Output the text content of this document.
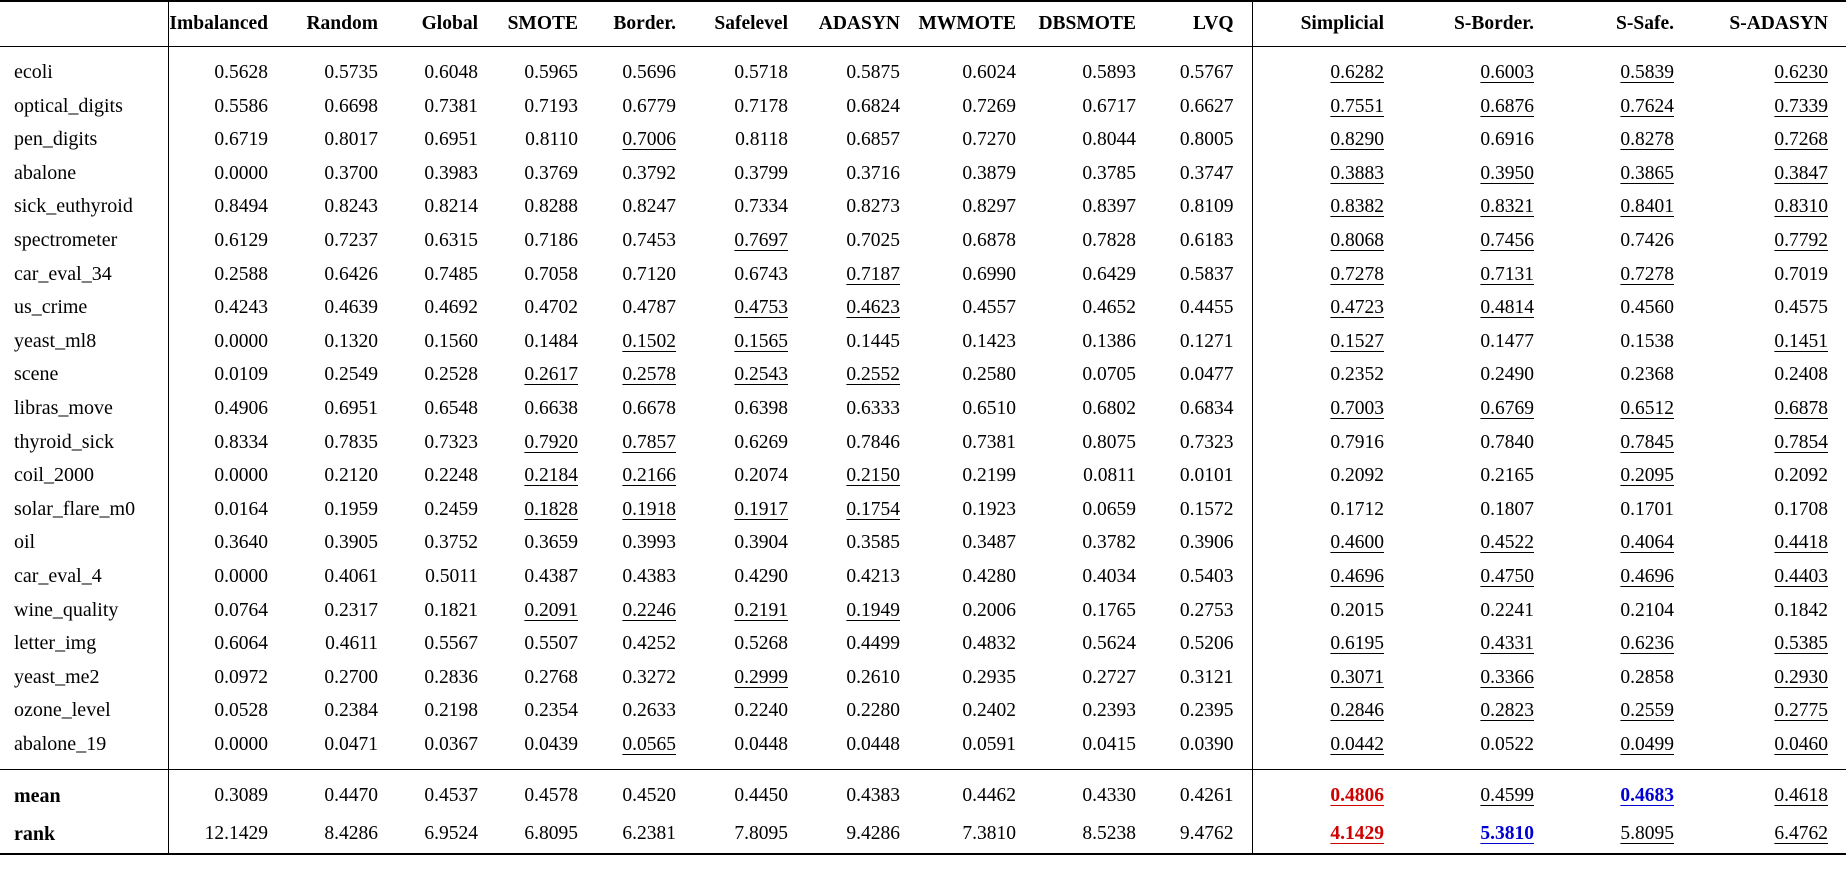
	Imbalanced	Random	Global	SMOTE	Border.	Safelevel	ADASYN	MWMOTE	DBSMOTE	LVQ	Simplicial	S-Border.	S-Safe.	S-ADASYN
ecoli	0.5628	0.5735	0.6048	0.5965	0.5696	0.5718	0.5875	0.6024	0.5893	0.5767	0.6282	0.6003	0.5839	0.6230
optical_digits	0.5586	0.6698	0.7381	0.7193	0.6779	0.7178	0.6824	0.7269	0.6717	0.6627	0.7551	0.6876	0.7624	0.7339
pen_digits	0.6719	0.8017	0.6951	0.8110	0.7006	0.8118	0.6857	0.7270	0.8044	0.8005	0.8290	0.6916	0.8278	0.7268
abalone	0.0000	0.3700	0.3983	0.3769	0.3792	0.3799	0.3716	0.3879	0.3785	0.3747	0.3883	0.3950	0.3865	0.3847
sick_euthyroid	0.8494	0.8243	0.8214	0.8288	0.8247	0.7334	0.8273	0.8297	0.8397	0.8109	0.8382	0.8321	0.8401	0.8310
spectrometer	0.6129	0.7237	0.6315	0.7186	0.7453	0.7697	0.7025	0.6878	0.7828	0.6183	0.8068	0.7456	0.7426	0.7792
car_eval_34	0.2588	0.6426	0.7485	0.7058	0.7120	0.6743	0.7187	0.6990	0.6429	0.5837	0.7278	0.7131	0.7278	0.7019
us_crime	0.4243	0.4639	0.4692	0.4702	0.4787	0.4753	0.4623	0.4557	0.4652	0.4455	0.4723	0.4814	0.4560	0.4575
yeast_ml8	0.0000	0.1320	0.1560	0.1484	0.1502	0.1565	0.1445	0.1423	0.1386	0.1271	0.1527	0.1477	0.1538	0.1451
scene	0.0109	0.2549	0.2528	0.2617	0.2578	0.2543	0.2552	0.2580	0.0705	0.0477	0.2352	0.2490	0.2368	0.2408
libras_move	0.4906	0.6951	0.6548	0.6638	0.6678	0.6398	0.6333	0.6510	0.6802	0.6834	0.7003	0.6769	0.6512	0.6878
thyroid_sick	0.8334	0.7835	0.7323	0.7920	0.7857	0.6269	0.7846	0.7381	0.8075	0.7323	0.7916	0.7840	0.7845	0.7854
coil_2000	0.0000	0.2120	0.2248	0.2184	0.2166	0.2074	0.2150	0.2199	0.0811	0.0101	0.2092	0.2165	0.2095	0.2092
solar_flare_m0	0.0164	0.1959	0.2459	0.1828	0.1918	0.1917	0.1754	0.1923	0.0659	0.1572	0.1712	0.1807	0.1701	0.1708
oil	0.3640	0.3905	0.3752	0.3659	0.3993	0.3904	0.3585	0.3487	0.3782	0.3906	0.4600	0.4522	0.4064	0.4418
car_eval_4	0.0000	0.4061	0.5011	0.4387	0.4383	0.4290	0.4213	0.4280	0.4034	0.5403	0.4696	0.4750	0.4696	0.4403
wine_quality	0.0764	0.2317	0.1821	0.2091	0.2246	0.2191	0.1949	0.2006	0.1765	0.2753	0.2015	0.2241	0.2104	0.1842
letter_img	0.6064	0.4611	0.5567	0.5507	0.4252	0.5268	0.4499	0.4832	0.5624	0.5206	0.6195	0.4331	0.6236	0.5385
yeast_me2	0.0972	0.2700	0.2836	0.2768	0.3272	0.2999	0.2610	0.2935	0.2727	0.3121	0.3071	0.3366	0.2858	0.2930
ozone_level	0.0528	0.2384	0.2198	0.2354	0.2633	0.2240	0.2280	0.2402	0.2393	0.2395	0.2846	0.2823	0.2559	0.2775
abalone_19	0.0000	0.0471	0.0367	0.0439	0.0565	0.0448	0.0448	0.0591	0.0415	0.0390	0.0442	0.0522	0.0499	0.0460
mean	0.3089	0.4470	0.4537	0.4578	0.4520	0.4450	0.4383	0.4462	0.4330	0.4261	0.4806	0.4599	0.4683	0.4618
rank	12.1429	8.4286	6.9524	6.8095	6.2381	7.8095	9.4286	7.3810	8.5238	9.4762	4.1429	5.3810	5.8095	6.4762
